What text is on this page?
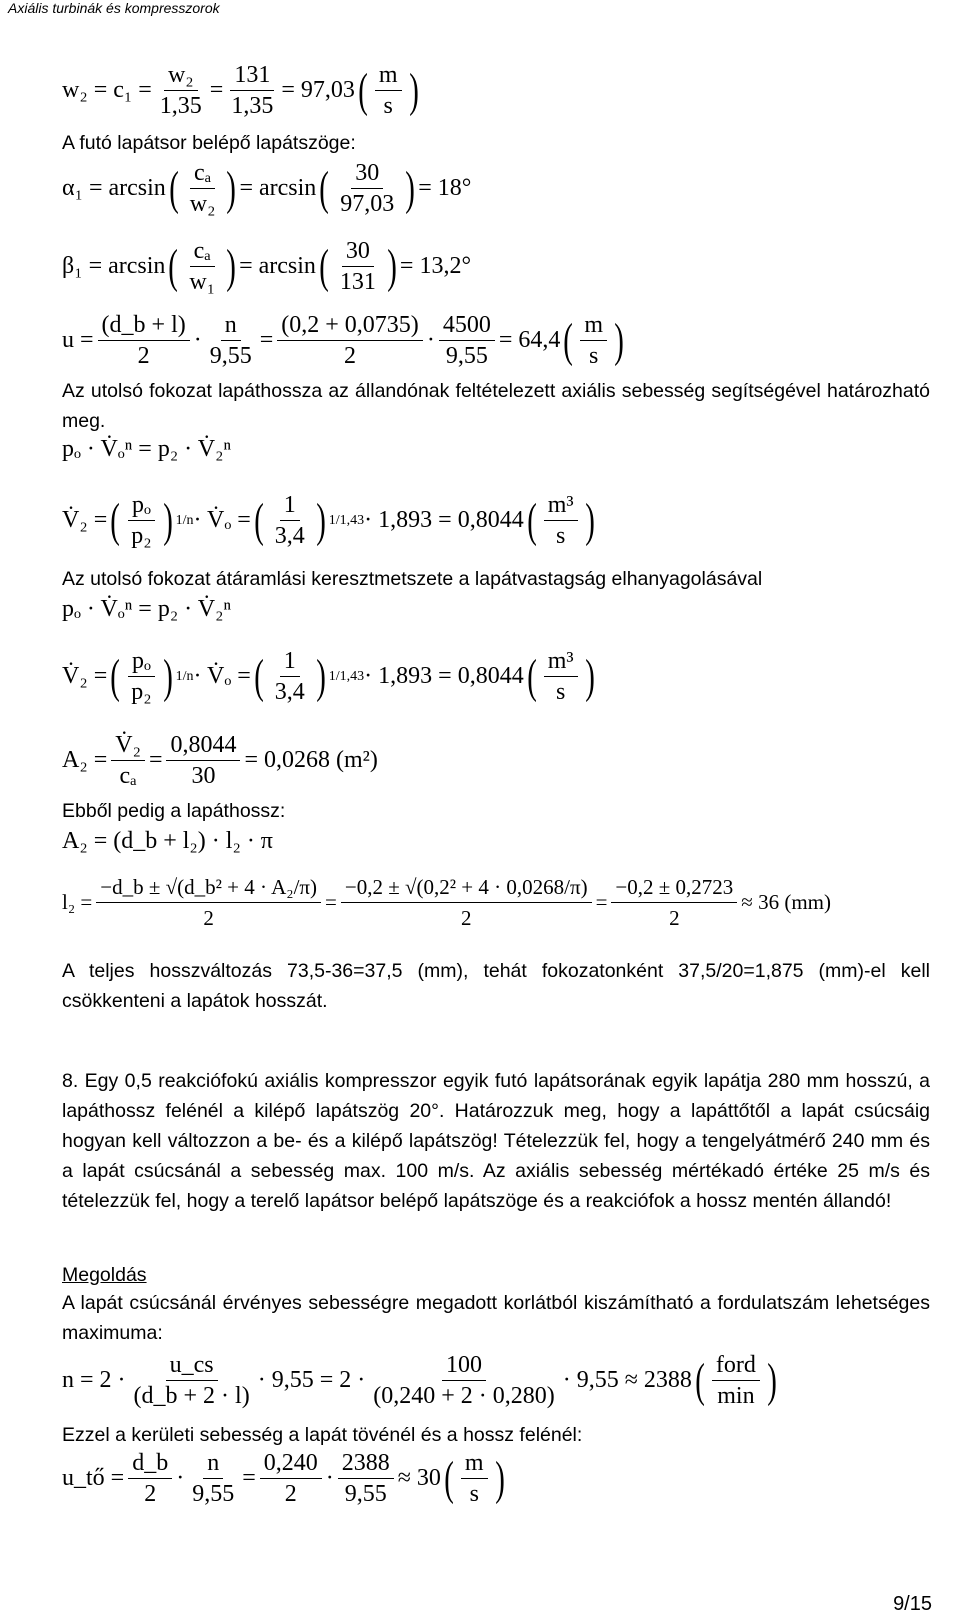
Axiális turbinák és kompresszorok
$w_2 = c_1 = \frac{\text{w₂}}{1,35} = \frac{131}{1,35} = 97,03$ ( $\frac{m}{s}$ )
A futó lapátsor belépő lapátszöge:
α₁ = arcsin ( $\frac{\text{cₐ}}{\text{w₂}}$ ) = arcsin ( $\frac{30}{97,03}$ ) = 18°
β₁ = arcsin ( $\frac{\text{cₐ}}{\text{w₁}}$ ) = arcsin ( $\frac{30}{131}$ ) = 13,2°
$u = \frac{(d\_b + l)}{2} \cdot \frac{n}{9,55} = \frac{(0,2 + 0,0735)}{2} \cdot \frac{4500}{9,55} = 64,4$ ( $\frac{m}{s}$ )
Az utolsó fokozat lapáthossza az állandónak feltételezett axiális sebesség segítségével határozható meg.
pₒ · V̇ₒⁿ = p₂ · V̇₂ⁿ
V̇₂ = ( $\frac{\text{pₒ}}{\text{p₂}}$ ) 1/n · V̇ₒ = ( $\frac{1}{3,4}$ ) 1/1,43 · 1,893 = 0,8044 ( $\frac{\text{m³}}{s}$ )
Az utolsó fokozat átáramlási keresztmetszete a lapátvastagság elhanyagolásával
pₒ · V̇ₒⁿ = p₂ · V̇₂ⁿ
V̇₂ = ( $\frac{\text{pₒ}}{\text{p₂}}$ ) 1/n · V̇ₒ = ( $\frac{1}{3,4}$ ) 1/1,43 · 1,893 = 0,8044 ( $\frac{\text{m³}}{s}$ )
$A_2 = \frac{\text{V̇₂}}{\text{cₐ}} = \frac{0,8044}{30} = 0,0268$ (m²)
Ebből pedig a lapáthossz:
A₂ = (d_b + l₂) · l₂ · π
$l_2 = \frac{\text{−d\_b ± √(d\_b² + 4 · A₂/π)}}{2} = \frac{\text{−0,2 ± √(0,2² + 4 · 0,0268/π)}}{2} = \frac{-0,2 \pm 0,2723}{2} \approx 36$ (mm)
A teljes hosszváltozás 73,5-36=37,5 (mm), tehát fokozatonként 37,5/20=1,875 (mm)-el kell csökkenteni a lapátok hosszát.
8. Egy 0,5 reakciófokú axiális kompresszor egyik futó lapátsorának egyik lapátja 280 mm hosszú, a lapáthossz felénél a kilépő lapátszög 20°. Határozzuk meg, hogy a lapáttőtől a lapát csúcsáig hogyan kell változzon a be- és a kilépő lapátszög! Tételezzük fel, hogy a tengelyátmérő 240 mm és a lapát csúcsánál a sebesség max. 100 m/s. Az axiális sebesség mértékadó értéke 25 m/s és tételezzük fel, hogy a terelő lapátsor belépő lapátszöge és a reakciófok a hossz mentén állandó!
Megoldás
A lapát csúcsánál érvényes sebességre megadott korlátból kiszámítható a fordulatszám lehetséges maximuma:
$n = 2 \cdot \frac{u\_cs}{(d\_b + 2 \cdot l)} \cdot 9,55 = 2 \cdot \frac{100}{(0,240 + 2 \cdot 0,280)} \cdot 9,55 \approx 2388$ ( $\frac{\text{ford}}{\min}$ )
Ezzel a kerületi sebesség a lapát tövénél és a hossz felénél:
u_tő = $\frac{d\_b}{2} \cdot \frac{n}{9,55} = \frac{0,240}{2} \cdot \frac{2388}{9,55} \approx 30$ ( $\frac{m}{s}$ )
9/15
